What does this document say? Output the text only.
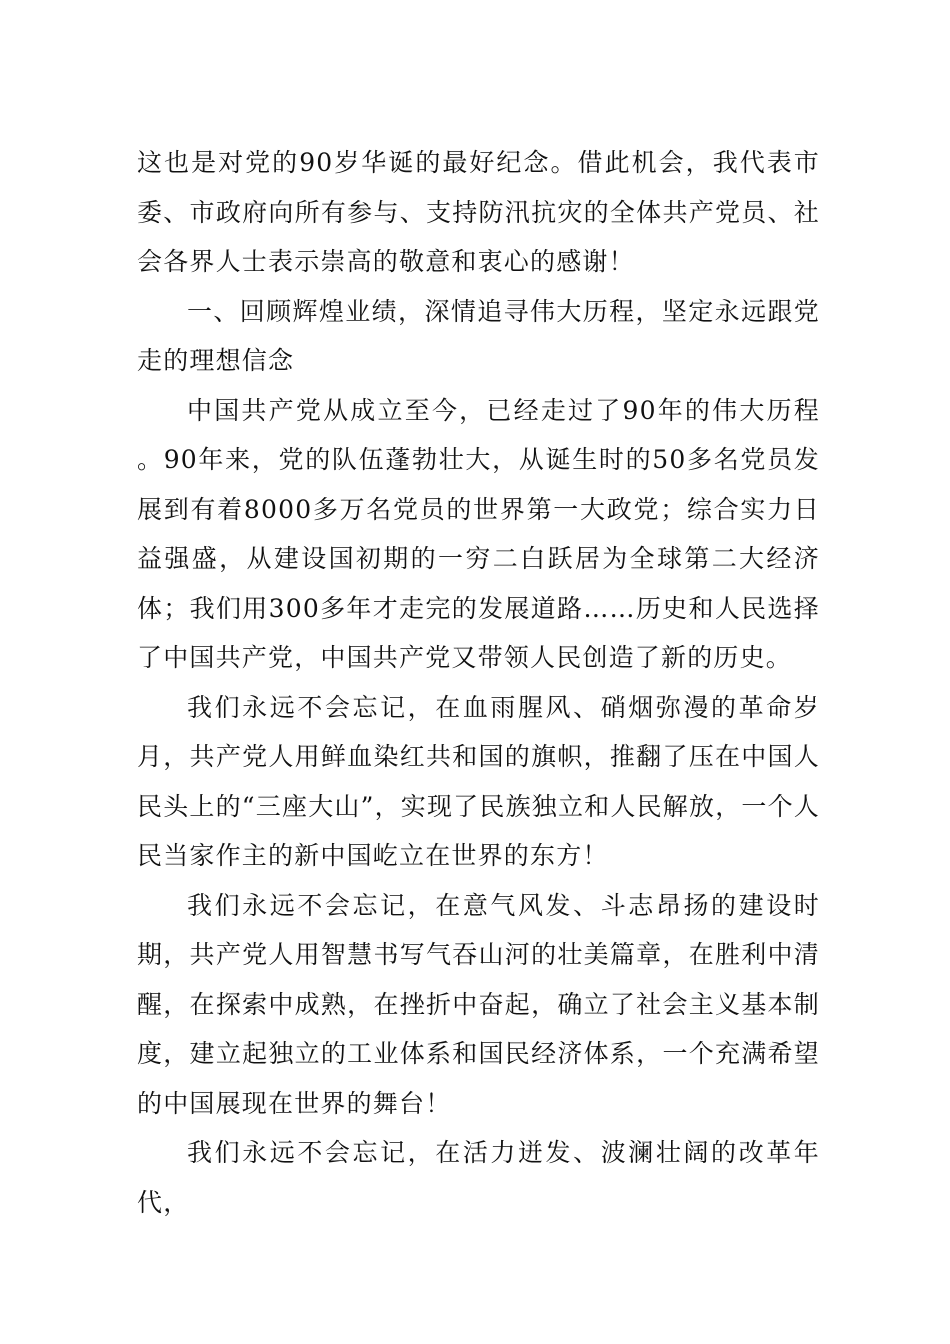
这也是对党的90岁华诞的最好纪念。借此机会，我代表市委、市政府向所有参与、支持防汛抗灾的全体共产党员、社会各界人士表示崇高的敬意和衷心的感谢！

一、回顾辉煌业绩，深情追寻伟大历程，坚定永远跟党走的理想信念

中国共产党从成立至今，已经走过了90年的伟大历程 。90年来，党的队伍蓬勃壮大，从诞生时的50多名党员发展到有着8000多万名党员的世界第一大政党；综合实力日益强盛，从建设国初期的一穷二白跃居为全球第二大经济体；我们用300多年才走完的发展道路……历史和人民选择了中国共产党，中国共产党又带领人民创造了新的历史。

我们永远不会忘记，在血雨腥风、硝烟弥漫的革命岁月，共产党人用鲜血染红共和国的旗帜，推翻了压在中国人民头上的“三座大山”，实现了民族独立和人民解放，一个人民当家作主的新中国屹立在世界的东方！

我们永远不会忘记，在意气风发、斗志昂扬的建设时期，共产党人用智慧书写气吞山河的壮美篇章，在胜利中清醒，在探索中成熟，在挫折中奋起，确立了社会主义基本制度，建立起独立的工业体系和国民经济体系，一个充满希望的中国展现在世界的舞台！

我们永远不会忘记，在活力迸发、波澜壮阔的改革年代，
